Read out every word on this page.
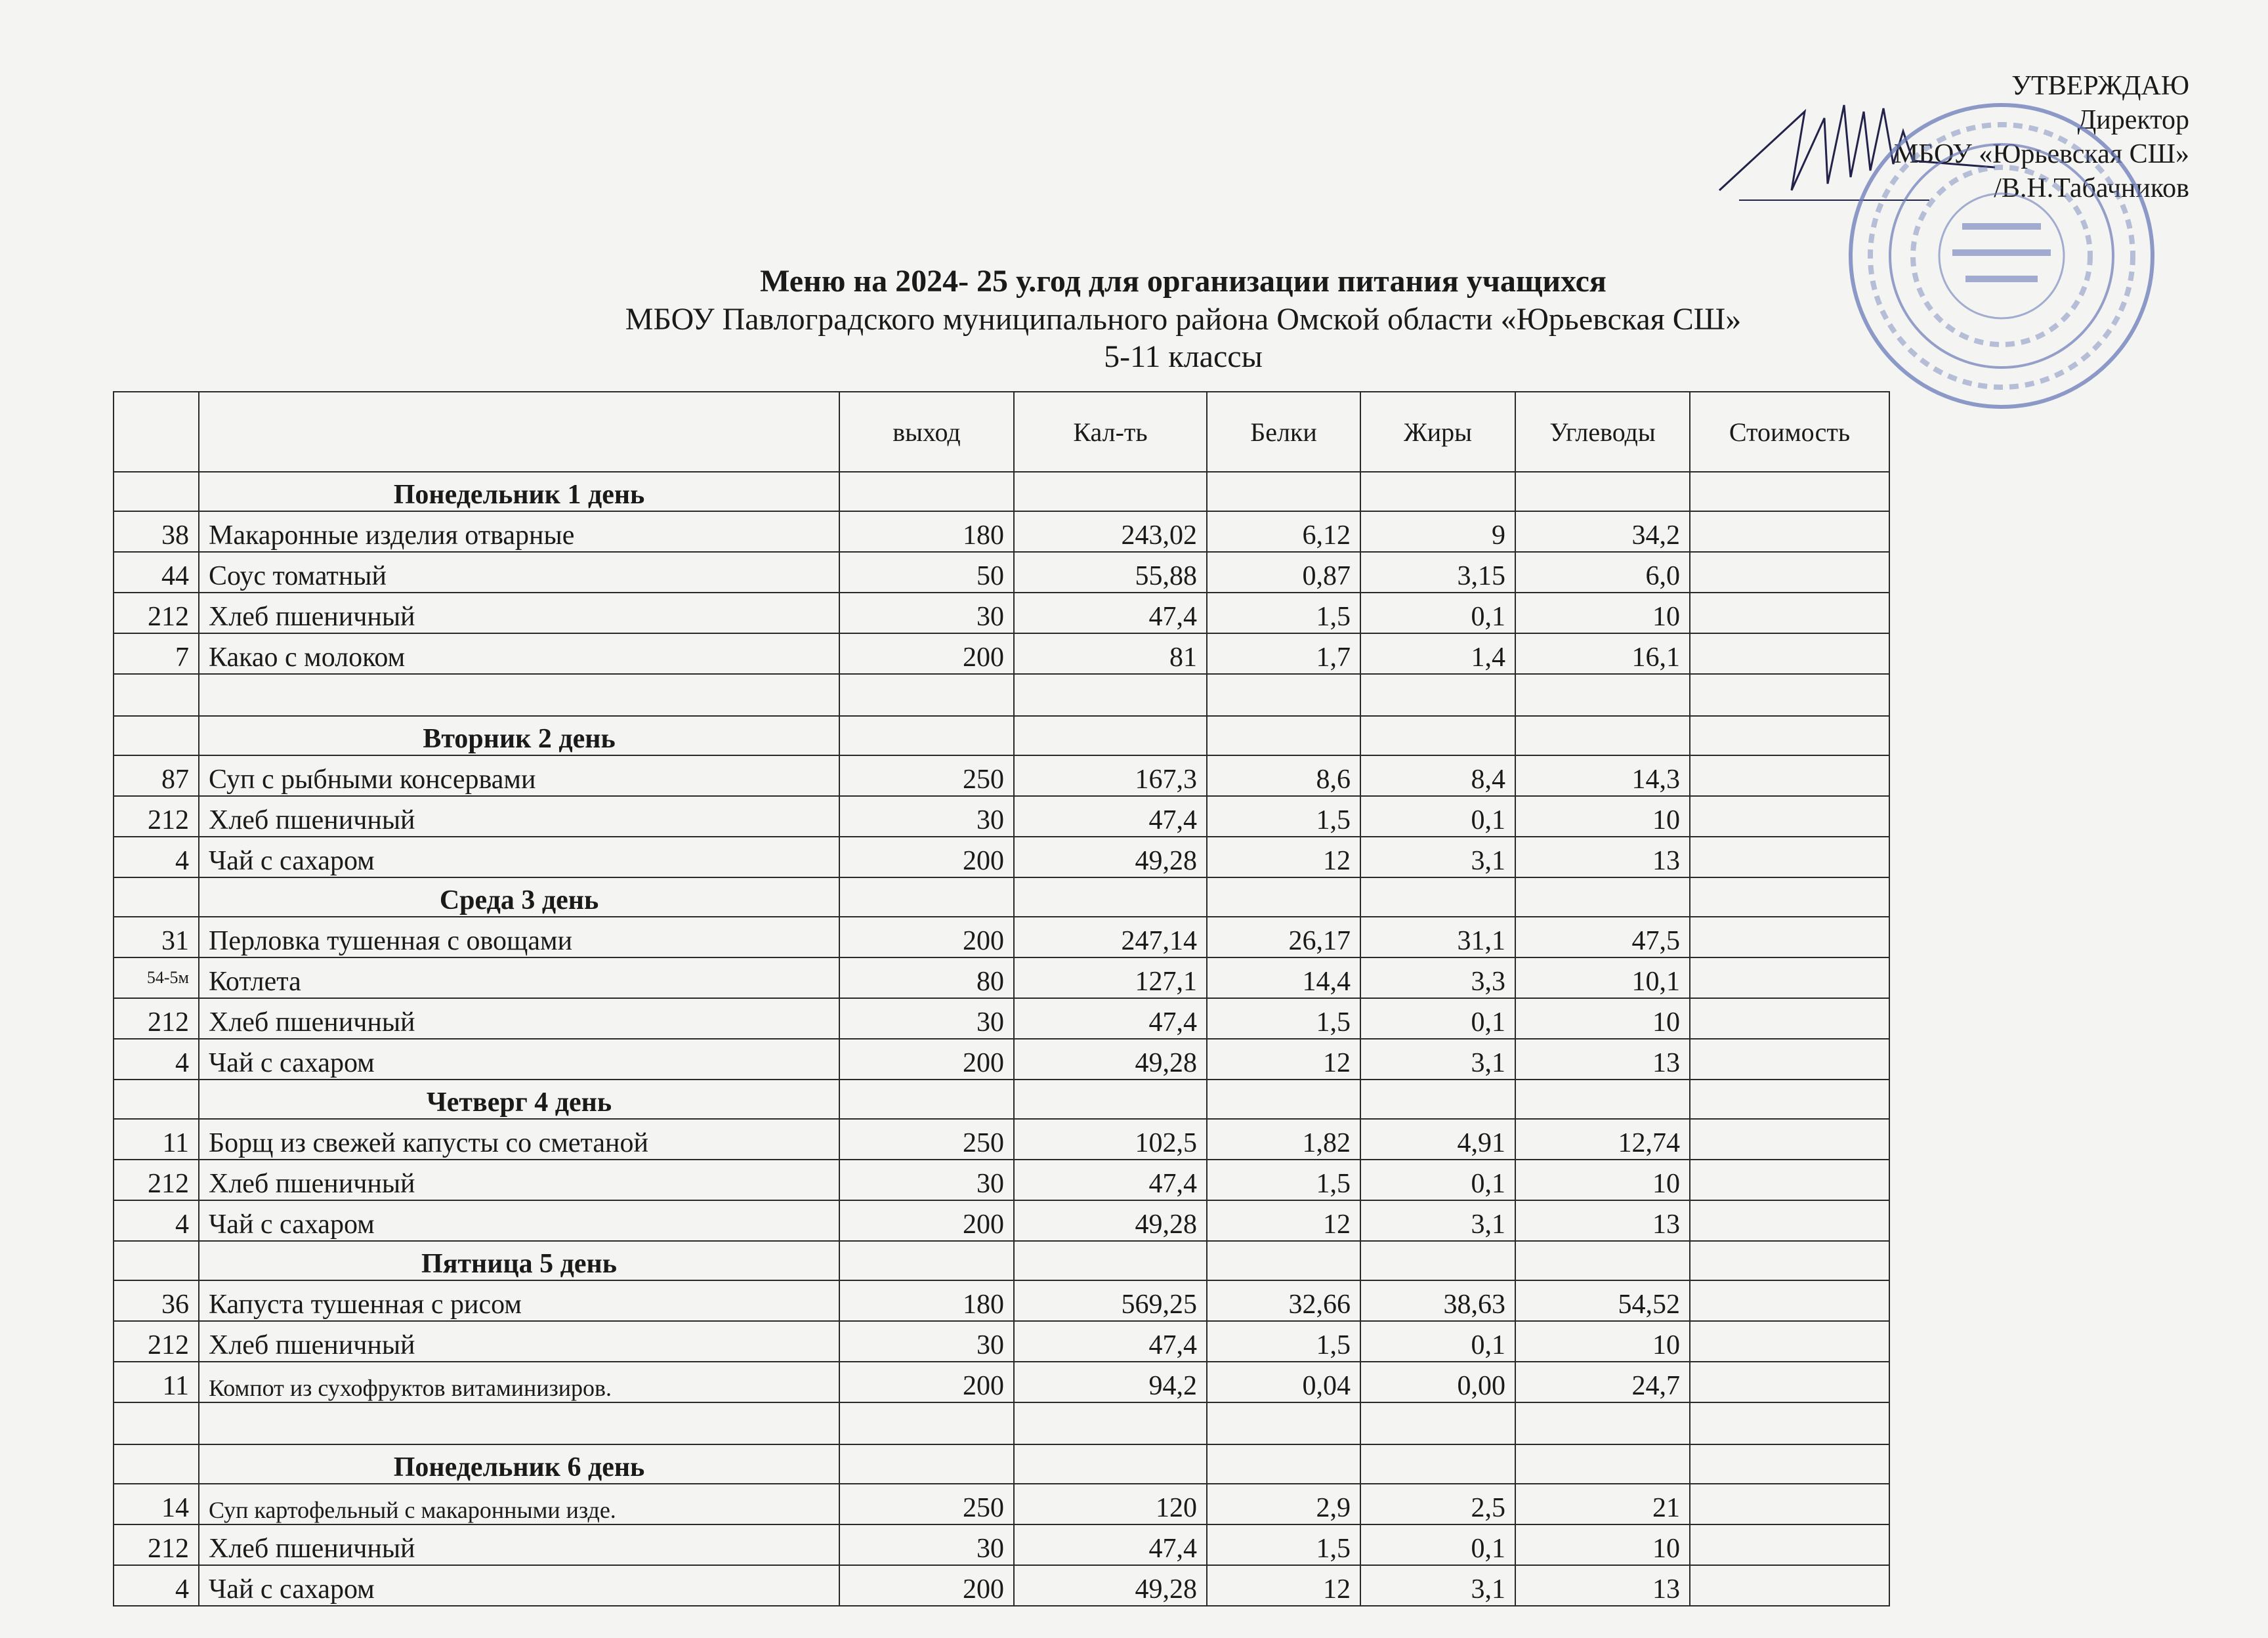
УТВЕРЖДАЮ
Директор
МБОУ «Юрьевская СШ»
/В.Н.Табачников
Меню на 2024- 25 у.год для организации питания учащихся
МБОУ Павлоградского муниципального района Омской области «Юрьевская СШ»
5-11 классы
		выход	Кал-ть	Белки	Жиры	Углеводы	Стоимость
	Понедельник 1 день						
38	Макаронные изделия отварные	180	243,02	6,12	9	34,2	
44	Соус томатный	50	55,88	0,87	3,15	6,0	
212	Хлеб пшеничный	30	47,4	1,5	0,1	10	
7	Какао с молоком	200	81	1,7	1,4	16,1	

	Вторник 2 день						
87	Суп с рыбными консервами	250	167,3	8,6	8,4	14,3	
212	Хлеб пшеничный	30	47,4	1,5	0,1	10	
4	Чай с сахаром	200	49,28	12	3,1	13	
	Среда 3 день						
31	Перловка тушенная с овощами	200	247,14	26,17	31,1	47,5	
54-5м	Котлета	80	127,1	14,4	3,3	10,1	
212	Хлеб пшеничный	30	47,4	1,5	0,1	10	
4	Чай с сахаром	200	49,28	12	3,1	13	
	Четверг 4 день						
11	Борщ из свежей капусты со сметаной	250	102,5	1,82	4,91	12,74	
212	Хлеб пшеничный	30	47,4	1,5	0,1	10	
4	Чай с сахаром	200	49,28	12	3,1	13	
	Пятница 5 день						
36	Капуста тушенная с рисом	180	569,25	32,66	38,63	54,52	
212	Хлеб пшеничный	30	47,4	1,5	0,1	10	
11	Компот из сухофруктов витаминизиров.	200	94,2	0,04	0,00	24,7	

	Понедельник 6 день						
14	Суп картофельный с макаронными изде.	250	120	2,9	2,5	21	
212	Хлеб пшеничный	30	47,4	1,5	0,1	10	
4	Чай с сахаром	200	49,28	12	3,1	13	
